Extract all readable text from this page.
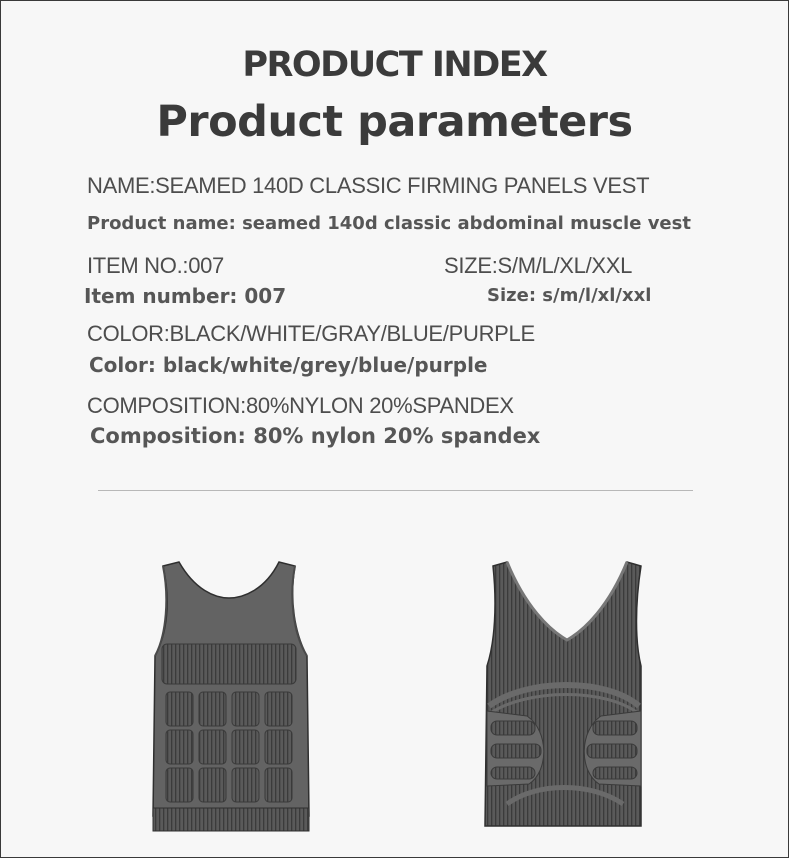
PRODUCT INDEX
Product parameters
NAME:SEAMED 140D CLASSIC FIRMING PANELS VEST
Product name: seamed 140d classic abdominal muscle vest
ITEM NO.:007	SIZE:S/M/L/XL/XXL
Item number: 007	Size: s/m/l/xl/xxl
COLOR:BLACK/WHITE/GRAY/BLUE/PURPLE
Color: black/white/grey/blue/purple
COMPOSITION:80%NYLON 20%SPANDEX
Composition: 80% nylon 20% spandex
